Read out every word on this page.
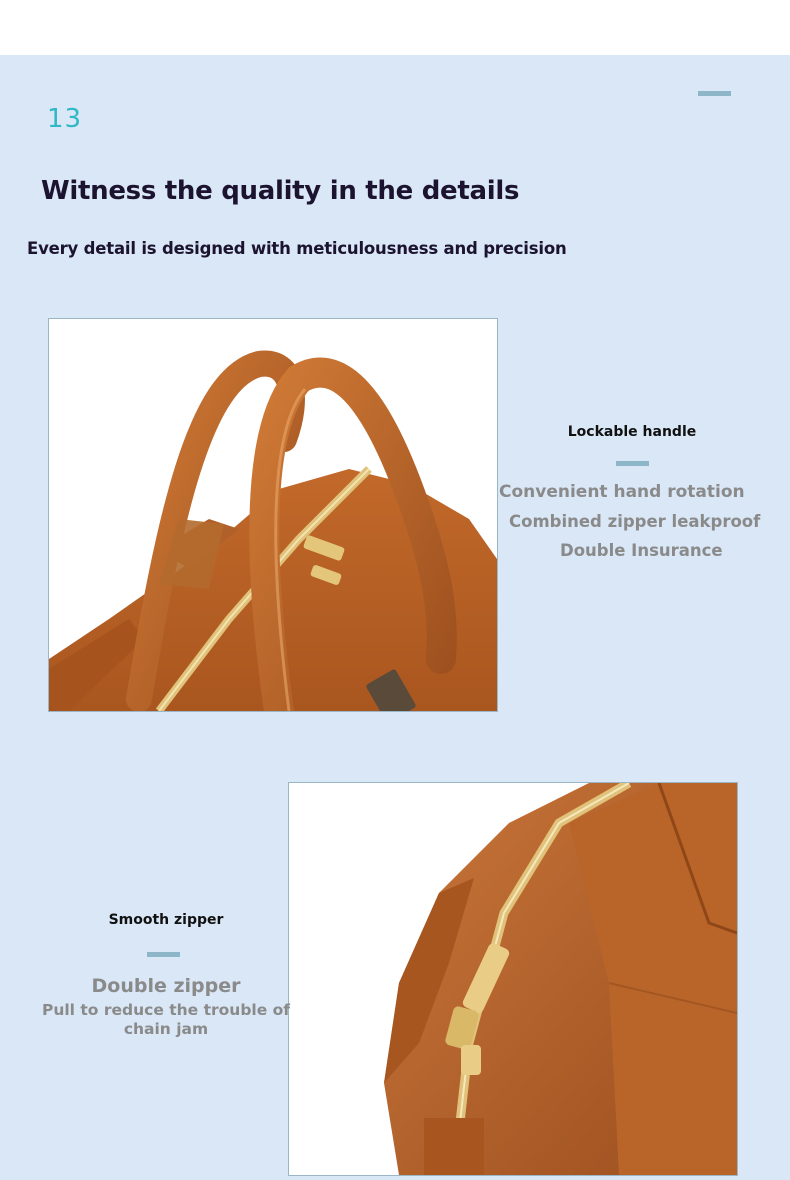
13
Witness the quality in the details
Every detail is designed with meticulousness and precision
Lockable handle
Convenient hand rotation
Combined zipper leakproof
Double Insurance
Smooth zipper
Double zipper
Pull to reduce the trouble of chain jam
